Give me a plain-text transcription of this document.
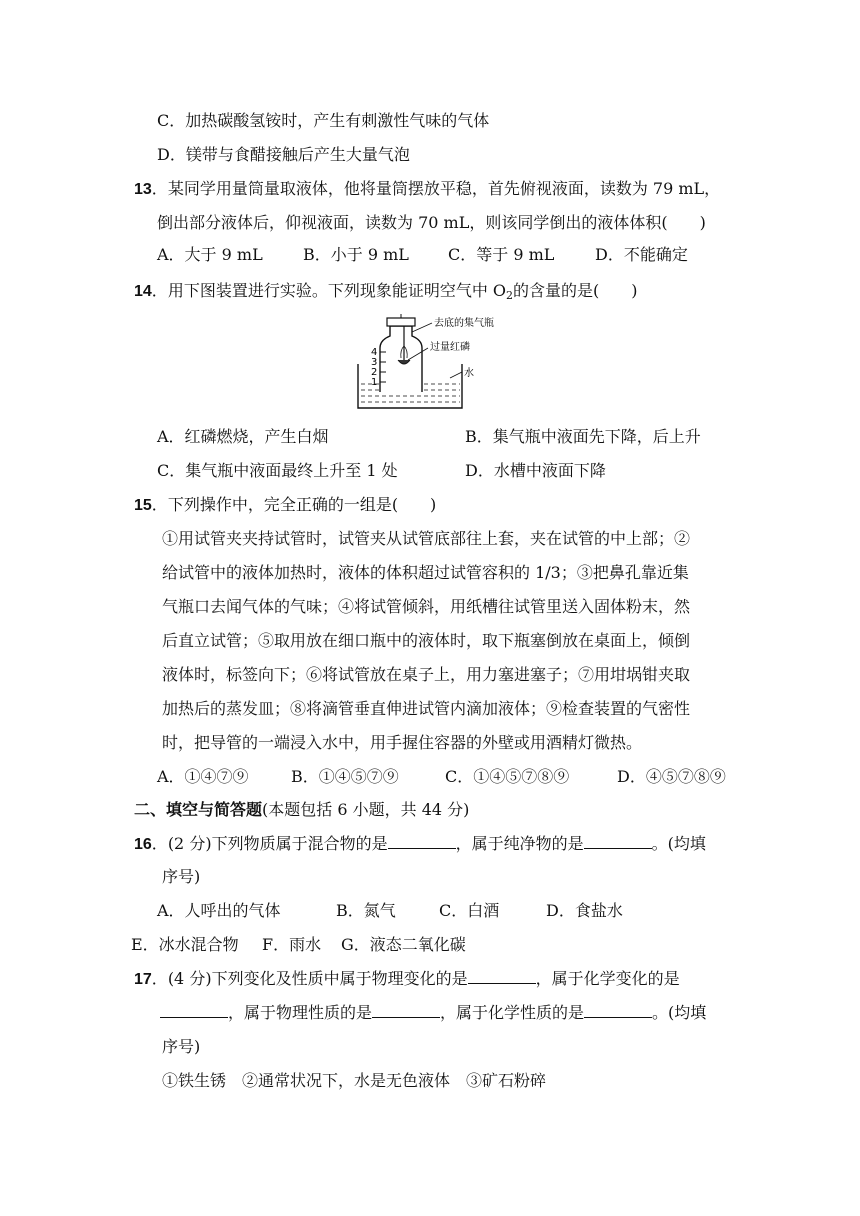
C．加热碳酸氢铵时，产生有刺激性气味的气体
D．镁带与食醋接触后产生大量气泡
13．某同学用量筒量取液体，他将量筒摆放平稳，首先俯视液面，读数为 79 mL，
倒出部分液体后，仰视液面，读数为 70 mL，则该同学倒出的液体体积(　　)
A．大于 9 mL	B．小于 9 mL C．等于 9 mL	D．不能确定
14．用下图装置进行实验。下列现象能证明空气中 $O_2$的含量的是(　　)
4
3
2
1
去底的集气瓶
过量红磷
水
A．红磷燃烧，产生白烟	B．集气瓶中液面先下降，后上升
C．集气瓶中液面最终上升至 1 处	D．水槽中液面下降
15．下列操作中，完全正确的一组是(　　)
①用试管夹夹持试管时，试管夹从试管底部往上套，夹在试管的中上部；②
给试管中的液体加热时，液体的体积超过试管容积的 1/3；③把鼻孔靠近集
气瓶口去闻气体的气味；④将试管倾斜，用纸槽往试管里送入固体粉末，然
后直立试管；⑤取用放在细口瓶中的液体时，取下瓶塞倒放在桌面上，倾倒
液体时，标签向下；⑥将试管放在桌子上，用力塞进塞子；⑦用坩埚钳夹取
加热后的蒸发皿；⑧将滴管垂直伸进试管内滴加液体；⑨检查装置的气密性
时，把导管的一端浸入水中，用手握住容器的外壁或用酒精灯微热。
A．①④⑦⑨	B．①④⑤⑦⑨	C．①④⑤⑦⑧⑨	D．④⑤⑦⑧⑨
二、填空与简答题(本题包括 6 小题，共 44 分)
16．(2 分)下列物质属于混合物的是	，属于纯净物的是	。(均填
序号)
A．人呼出的气体	B．氮气	C．白酒	D．食盐水
E．冰水混合物 F．雨水 G．液态二氧化碳
17．(4 分)下列变化及性质中属于物理变化的是	，属于化学变化的是
，属于物理性质的是	，属于化学性质的是	。(均填
序号)
①铁生锈　②通常状况下，水是无色液体　③矿石粉碎
